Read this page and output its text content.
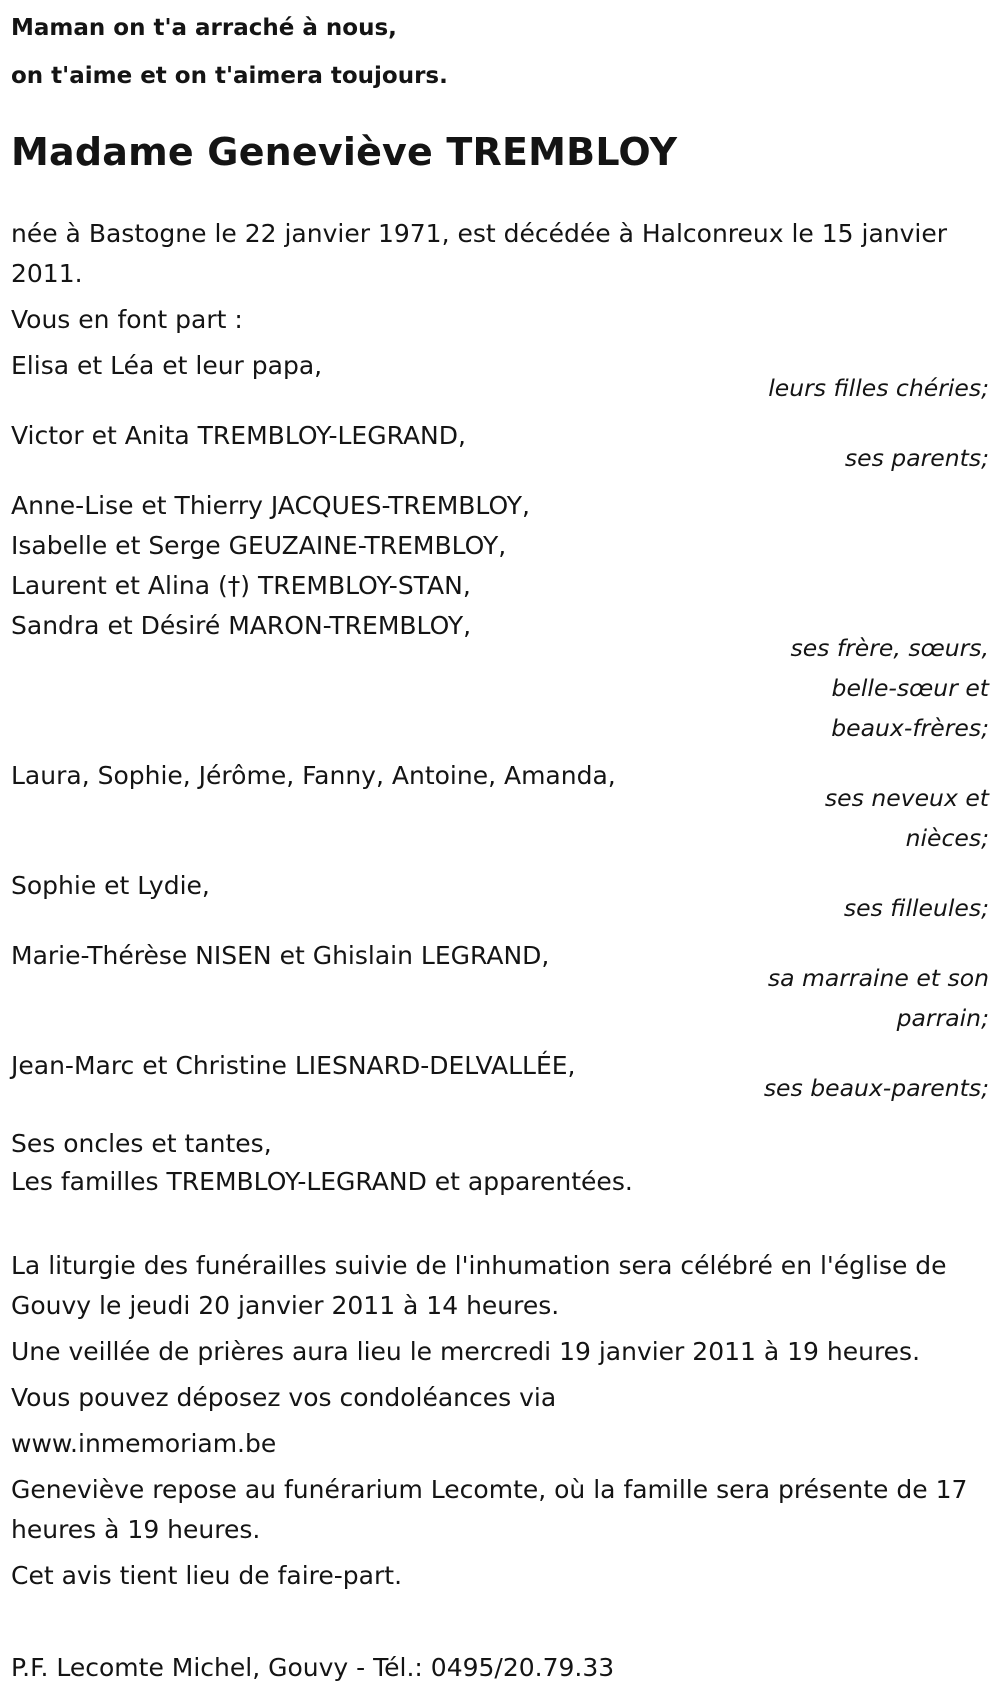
Maman on t'a arraché à nous,
on t'aime et on t'aimera toujours.
Madame Geneviève TREMBLOY
née à Bastogne le 22 janvier 1971, est décédée à Halconreux le 15 janvier 2011.
Vous en font part :
Elisa et Léa et leur papa,
leurs filles chéries;
Victor et Anita TREMBLOY-LEGRAND,
ses parents;
Anne-Lise et Thierry JACQUES-TREMBLOY,
Isabelle et Serge GEUZAINE-TREMBLOY,
Laurent et Alina (†) TREMBLOY-STAN,
Sandra et Désiré MARON-TREMBLOY,
ses frère, sœurs,
belle-sœur et
beaux-frères;
Laura, Sophie, Jérôme, Fanny, Antoine, Amanda,
ses neveux et
nièces;
Sophie et Lydie,
ses filleules;
Marie-Thérèse NISEN et Ghislain LEGRAND,
sa marraine et son
parrain;
Jean-Marc et Christine LIESNARD-DELVALLÉE,
ses beaux-parents;
Ses oncles et tantes,
Les familles TREMBLOY-LEGRAND et apparentées.
La liturgie des funérailles suivie de l'inhumation sera célébré en l'église de Gouvy le jeudi 20 janvier 2011 à 14 heures.
Une veillée de prières aura lieu le mercredi 19 janvier 2011 à 19 heures.
Vous pouvez déposez vos condoléances via
www.inmemoriam.be
Geneviève repose au funérarium Lecomte, où la famille sera présente de 17 heures à 19 heures.
Cet avis tient lieu de faire-part.
P.F. Lecomte Michel, Gouvy - Tél.: 0495/20.79.33
